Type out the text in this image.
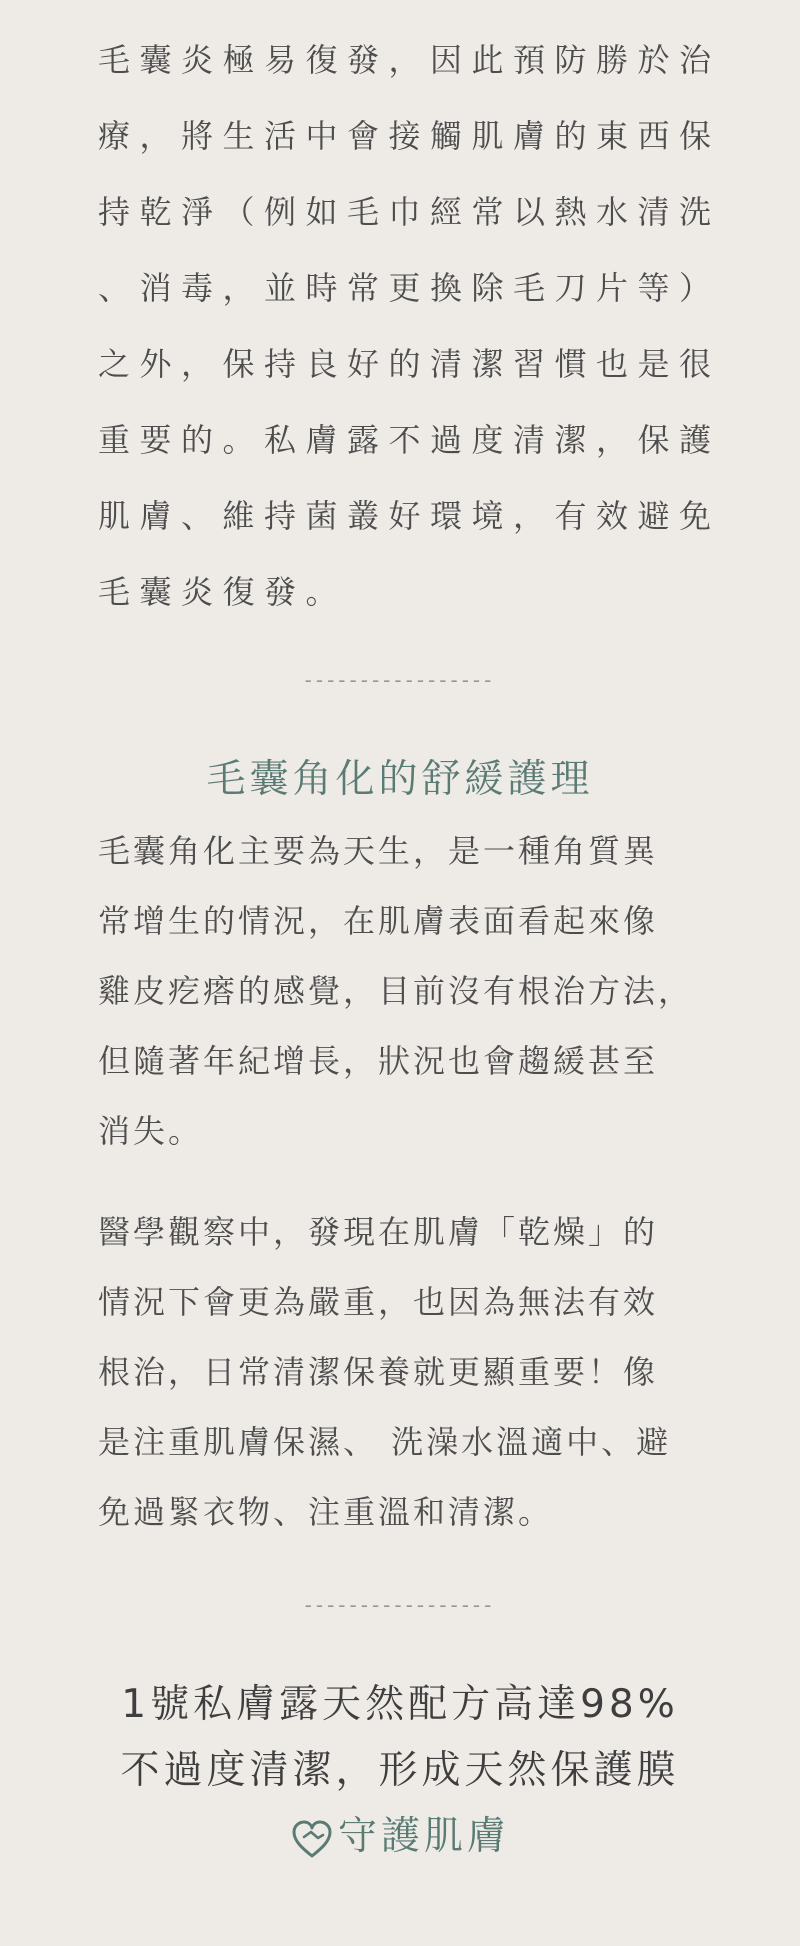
毛囊炎極易復發，因此預防勝於治
療，將生活中會接觸肌膚的東西保
持乾淨（例如毛巾經常以熱水清洗
、消毒，並時常更換除毛刀片等）
之外，保持良好的清潔習慣也是很
重要的。私膚露不過度清潔，保護
肌膚、維持菌叢好環境，有效避免
毛囊炎復發。
-----------------
毛囊角化的舒緩護理
毛囊角化主要為天生，是一種角質異
常增生的情況，在肌膚表面看起來像
雞皮疙瘩的感覺，目前沒有根治方法，
但隨著年紀增長，狀況也會趨緩甚至
消失。
醫學觀察中，發現在肌膚「乾燥」的
情況下會更為嚴重，也因為無法有效
根治，日常清潔保養就更顯重要！像
是注重肌膚保濕、 洗澡水溫適中、避
免過緊衣物、注重溫和清潔。
-----------------
1號私膚露天然配方高達98%
不過度清潔，形成天然保護膜
守護肌膚
